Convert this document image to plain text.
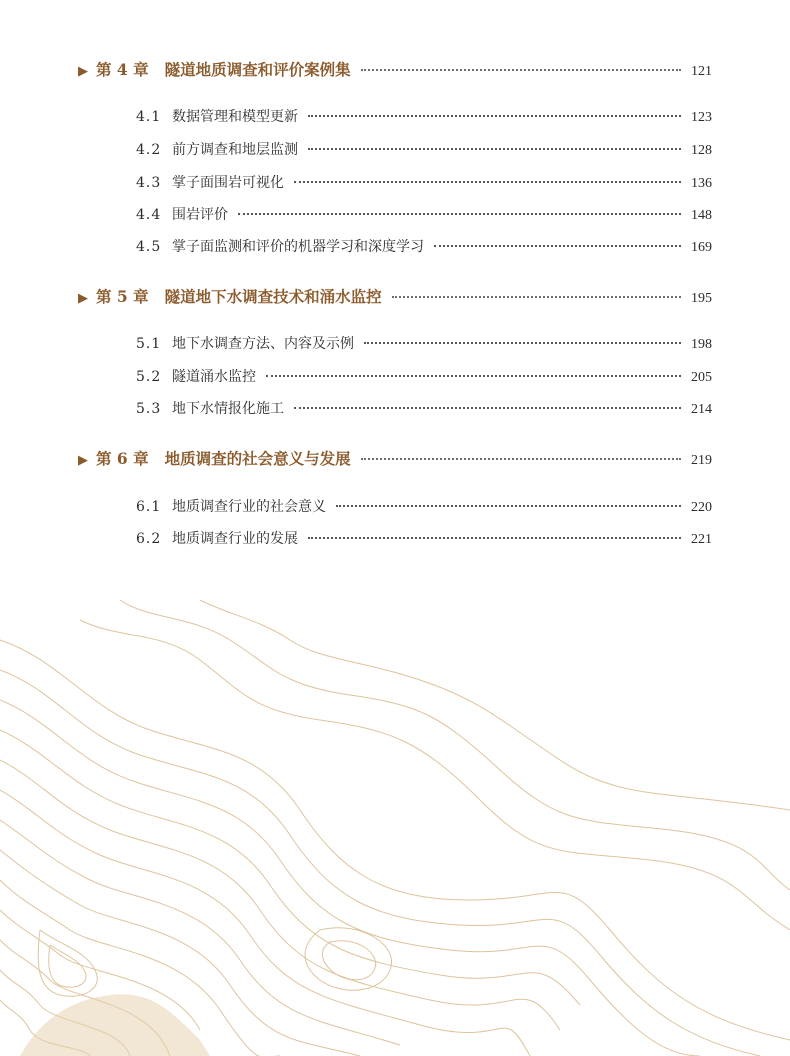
▶ 第 4 章 隧道地质调查和评价案例集	121
4.1 数据管理和模型更新	123
4.2 前方调查和地层监测	128
4.3 掌子面围岩可视化	136
4.4 围岩评价	148
4.5 掌子面监测和评价的机器学习和深度学习	169
▶ 第 5 章 隧道地下水调查技术和涌水监控	195
5.1 地下水调查方法、内容及示例	198
5.2 隧道涌水监控	205
5.3 地下水情报化施工	214
▶ 第 6 章 地质调查的社会意义与发展	219
6.1 地质调查行业的社会意义	220
6.2 地质调查行业的发展	221
